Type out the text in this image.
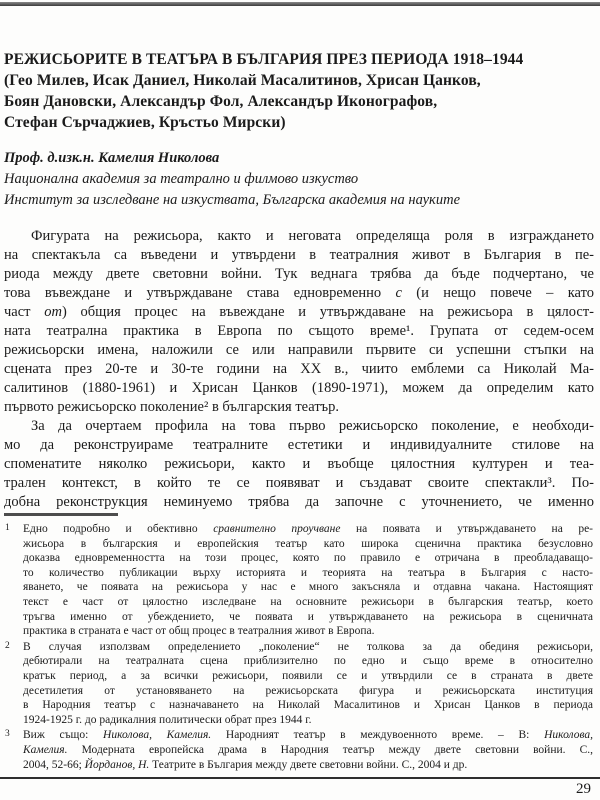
РЕЖИСЬОРИТЕ В ТЕАТЪРА В БЪЛГАРИЯ ПРЕЗ ПЕРИОДА 1918–1944
(Гео Милев, Исак Даниел, Николай Масалитинов, Хрисан Цанков,
Боян Дановски, Александър Фол, Александър Иконографов,
Стефан Сърчаджиев, Кръстьо Мирски)
Проф. д.изк.н. Камелия Николова
Национална академия за театрално и филмово изкуство
Институт за изследване на изкуствата, Българска академия на науките
Фигурата на режисьора, както и неговата определяща роля в изграждането
на спектакъла са въведени и утвърдени в театралния живот в България в пе-
риода между двете световни войни. Тук веднага трябва да бъде подчертано, че
това въвеждане и утвърждаване става едновременно с (и нещо повече – като
част от) общия процес на въвеждане и утвърждаване на режисьора в цялост-
ната театрална практика в Европа по същото време¹. Групата от седем-осем
режисьорски имена, наложили се или направили първите си успешни стъпки на
сцената през 20-те и 30-те години на ХХ в., чиито емблеми са Николай Ма-
салитинов (1880-1961) и Хрисан Цанков (1890-1971), можем да определим като
първото режисьорско поколение² в българския театър.
За да очертаем профила на това първо режисьорско поколение, е необходи-
мо да реконструираме театралните естетики и индивидуалните стилове на
споменатите няколко режисьори, както и въобще цялостния културен и теа-
трален контекст, в който те се появяват и създават своите спектакли³. По-
добна реконструкция неминуемо трябва да започне с уточнението, че именно
1 Едно подробно и обективно сравнително проучване на появата и утвърждаването на ре-
жисьора в българския и европейския театър като широка сценична практика безусловно
доказва едновременността на този процес, която по правило е отричана в преобладаващо-
то количество публикации върху историята и теорията на театъра в България с насто-
яването, че появата на режисьора у нас е много закъсняла и отдавна чакана. Настоящият
текст е част от цялостно изследване на основните режисьори в българския театър, което
тръгва именно от убеждението, че появата и утвърждаването на режисьора в сценичната
практика в страната е част от общ процес в театралния живот в Европа.
2 В случая използвам определението „поколение“ не толкова за да обединя режисьори,
дебютирали на театралната сцена приблизително по едно и също време в относително
кратък период, а за всички режисьори, появили се и утвърдили се в страната в двете
десетилетия от установяването на режисьорската фигура и режисьорската институция
в Народния театър с назначаването на Николай Масалитинов и Хрисан Цанков в периода
1924-1925 г. до радикалния политически обрат през 1944 г.
3 Виж също: Николова, Камелия. Народният театър в междувоенното време. – В: Николова,
Камелия. Модерната европейска драма в Народния театър между двете световни войни. С.,
2004, 52-66; Йорданов, Н. Театрите в България между двете световни войни. С., 2004 и др.
29
